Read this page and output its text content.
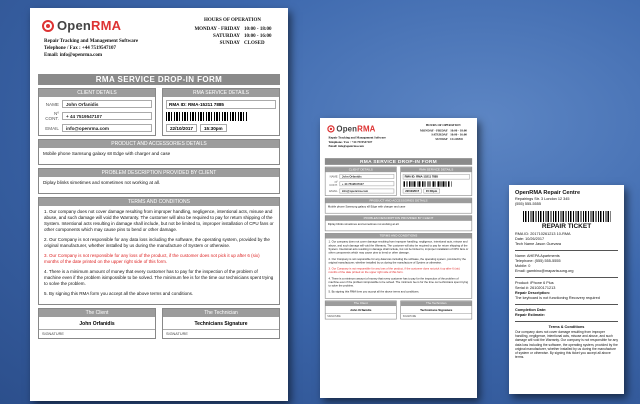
OpenRMA
Repair Tracking and Management Software
Telephone / Fax : +44 7519547107
Email: info@openrma.com
HOURS OF OPERATION
MONDAY - FRIDAY	10:00 - 18:00
SATURDAY	10:00 - 16:00
SUNDAY	CLOSED
RMA SERVICE DROP-IN FORM
CLIENT DETAILS
NAME	John Orfanidis
Nº CONT.	+ 44 7519547107
EMAIL	info@openrma.com
RMA SERVICE DETAILS
RMA ID: RMA-15211 7885
22/10/2017	15:30pm
PRODUCT AND ACCESSORIES DETAILS
Mobile phone Samsung galaxy s8 Edge with charger and case
PROBLEM DESCRIPTION PROVIDED BY CLIENT
Diplay blinks simetimes and sometimes not working at all.
TERMS AND CONDITIONS

1. Our company does not cover damage resulting from improper handling, negligence, intentional acts, misuse and abuse, and such damage will void the Warranty. The customer will also be required to pay for return shipping of the System. Intentional acts resulting in damage shall include, but not be limited to, improper installation of CPU fans or other components which may cause pins to bend or other damage.

2. Our Company is not responsible for any data loss including the software, the operating system, provided by the original manufacturer, whether installed by us during the manufacture of System or otherwise.

3. Our Company is not responsible for any loss of the product, if the customer does not pick it up after 6 (six) months of the date printed on the upper right side of this form.

4. There is a minimum amount of money that every customer has to pay for the inspection of the problem of machine even if the problem isimpossible to be solved. The minimum fee is for the time our technicians spent trying to solve the problem.

5. By signing this RMA form you accept all the above terms and conditions.

The Client
John Orfanidis
SIGNATURE
The Technician
Technicians Signature
SIGNATURE
OpenRMA
Repair Tracking and Management Software
Telephone / Fax : +44 7519547107
Email: info@openrma.com
HOURS OF OPERATION
MONDAY - FRIDAY	10:00 - 18:00
SATURDAY	10:00 - 16:00
SUNDAY	CLOSED
RMA SERVICE DROP-IN FORM
CLIENT DETAILS
NAME John Orfanidis
Nº CONT. + 44 7519547107
EMAIL info@openrma.com
RMA SERVICE DETAILS
RMA ID: RMA-15211 7885
22/10/2017	15:30pm
PRODUCT AND ACCESSORIES DETAILS
Mobile phone Samsung galaxy s8 Edge with charger and case
PROBLEM DESCRIPTION PROVIDED BY CLIENT
Diplay blinks simetimes and sometimes not working at all.
TERMS AND CONDITIONS

1. Our company does not cover damage resulting from improper handling, negligence, intentional acts, misuse and abuse, and such damage will void the Warranty. The customer will also be required to pay for return shipping of the System. Intentional acts resulting in damage shall include, but not be limited to, improper installation of CPU fans or other components which may cause pins to bend or other damage.

2. Our Company is not responsible for any data loss including the software, the operating system, provided by the original manufacturer, whether installed by us during the manufacture of System or otherwise.

3. Our Company is not responsible for any loss of the product, if the customer does not pick it up after 6 (six) months of the date printed on the upper right side of this form.

4. There is a minimum amount of money that every customer has to pay for the inspection of the problem of machine even if the problem isimpossible to be solved. The minimum fee is for the time our technicians spent trying to solve the problem.

5. By signing this RMA form you accept all the above terms and conditions.

The Client
John Orfanidis
SIGNATURE
The Technician
Technicians Signature
SIGNATURE
OpenRMA Repair Centre
Repairings Str. 3 London 12 345
(555) 555-5555
REPAIR TICKET
RMA ID: 201710261213 10-RMA
Date: 10/26/2017
Tech Name Jason Guevara
Name: AHEPA Apartments
Telephone: (555) 555-5555
Mobile: 0
Email: gambino@maparisuung.org
Product: iPhone 6 Plus
Serial #: 261020171213
Repair Description:
The keyboard is not functioning Recovery required
Completion Date:
Repair Estimate:
Terms & Conditions
Our company does not cover damage resulting from improper handling, negligence, intentional acts, misuse and abuse, and such damage will void the Warranty. Our company is not responsible for any data loss including the software, the operating system, provided by the original manufacturer, whether installed by us during the manufacture of system or otherwise. By signing this ticket you accept all above terms.
